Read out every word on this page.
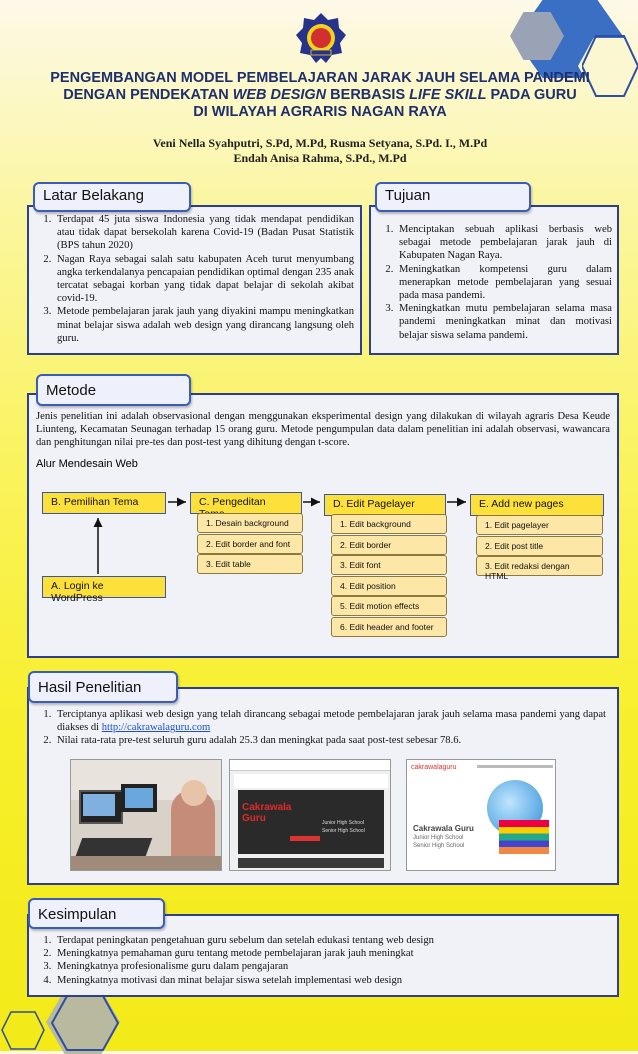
PENGEMBANGAN MODEL PEMBELAJARAN JARAK JAUH SELAMA PANDEMI
DENGAN PENDEKATAN WEB DESIGN BERBASIS LIFE SKILL PADA GURU
DI WILAYAH AGRARIS NAGAN RAYA
Veni Nella Syahputri, S.Pd, M.Pd, Rusma Setyana, S.Pd. I., M.Pd
Endah Anisa Rahma, S.Pd., M.Pd
Latar Belakang
1. Terdapat 45 juta siswa Indonesia yang tidak mendapat pendidikan atau tidak dapat bersekolah karena Covid-19 (Badan Pusat Statistik (BPS tahun 2020)
2. Nagan Raya sebagai salah satu kabupaten Aceh turut menyumbang angka terkendalanya pencapaian pendidikan optimal dengan 235 anak tercatat sebagai korban yang tidak dapat belajar di sekolah akibat covid-19.
3. Metode pembelajaran jarak jauh yang diyakini mampu meningkatkan minat belajar siswa adalah web design yang dirancang langsung oleh guru.
Tujuan
1. Menciptakan sebuah aplikasi berbasis web sebagai metode pembelajaran jarak jauh di Kabupaten Nagan Raya.
2. Meningkatkan kompetensi guru dalam menerapkan metode pembelajaran yang sesuai pada masa pandemi.
3. Meningkatkan mutu pembelajaran selama masa pandemi meningkatkan minat dan motivasi belajar siswa selama pandemi.
Metode
Jenis penelitian ini adalah observasional dengan menggunakan eksperimental design yang dilakukan di wilayah agraris Desa Keude Liunteng, Kecamatan Seunagan terhadap 15 orang guru. Metode pengumpulan data dalam penelitian ini adalah observasi, wawancara dan penghitungan nilai pre-tes dan post-test yang dihitung dengan t-score.
Alur Mendesain Web
B. Pemilihan Tema
A. Login ke WordPress
C. Pengeditan	D. Edit Pagelayer	E. Add new pages
1. Desain background
2. Edit border and font
3. Edit table
1. Edit background
2. Edit border
3. Edit font
4. Edit position
5. Edit motion effects
6. Edit header and footer
1. Edit pagelayer
2. Edit post title
3. Edit redaksi dengan HTML
Hasil Penelitian
1. Terciptanya aplikasi web design yang telah dirancang sebagai metode pembelajaran jarak jauh selama masa pandemi yang dapat diakses di http://cakrawalaguru.com
2. Nilai rata-rata pre-test seluruh guru adalah 25.3 dan meningkat pada saat post-test sebesar 78.6.
Cakrawala Guru	Junior High School
Senior High School
cakrawalaguru
Cakrawala Guru
Junior High School
Senior High School
Kesimpulan
1. Terdapat peningkatan pengetahuan guru sebelum dan setelah edukasi tentang web design
2. Meningkatnya pemahaman guru tentang metode pembelajaran jarak jauh meningkat
3. Meningkatnya profesionalisme guru dalam pengajaran
4. Meningkatnya motivasi dan minat belajar siswa setelah implementasi web design
